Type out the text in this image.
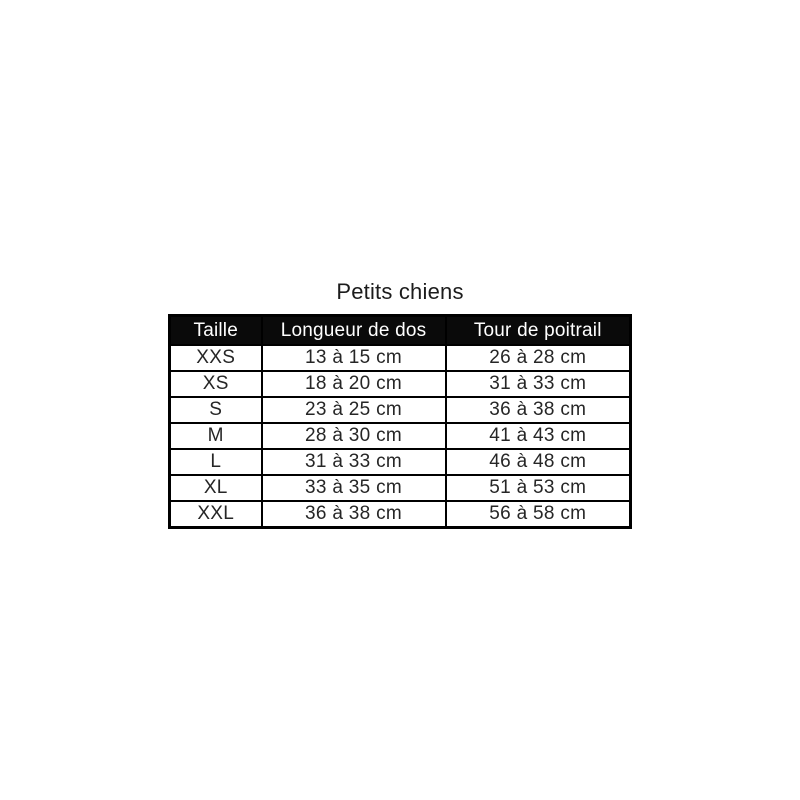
Petits chiens
Taille	Longueur de dos	Tour de poitrail
XXS	13 à 15 cm	26 à 28 cm
XS	18 à 20 cm	31 à 33 cm
S	23 à 25 cm	36 à 38 cm
M	28 à 30 cm	41 à 43 cm
L	31 à 33 cm	46 à 48 cm
XL	33 à 35 cm	51 à 53 cm
XXL	36 à 38 cm	56 à 58 cm
